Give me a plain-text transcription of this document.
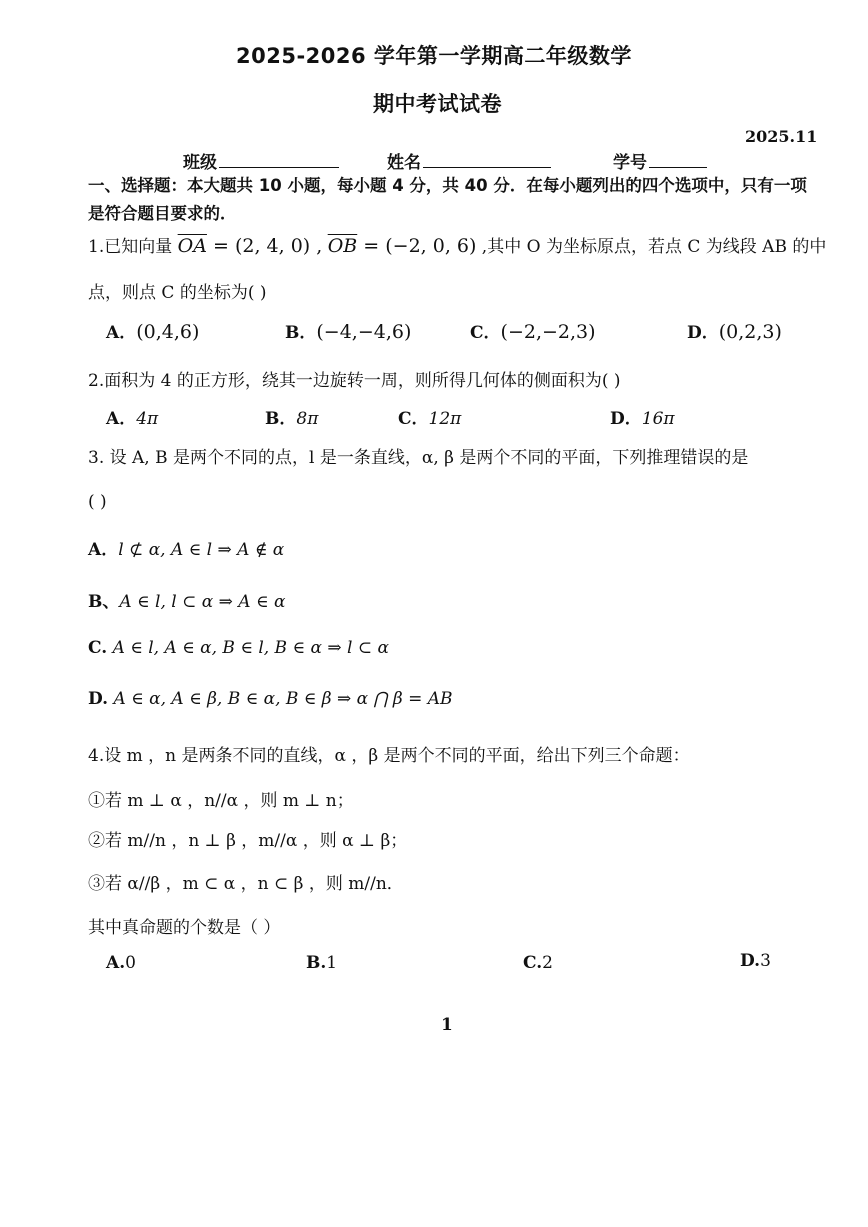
2025-2026 学年第一学期高二年级数学
期中考试试卷
2025.11
班级	姓名	学号
一、选择题：本大题共 10 小题，每小题 4 分，共 40 分．在每小题列出的四个选项中，只有一项是符合题目要求的．
1.已知向量 $\overline{OA} = (2$, 4, 0) , $\overline{OB} = (-2$, 0, 6) ,其中 O 为坐标原点，若点 C 为线段 AB 的中
点，则点 C 的坐标为( )
A．(0,4,6)	B．(−4,−4,6)	C．(−2,−2,3)	D．(0,2,3)
2.面积为 4 的正方形，绕其一边旋转一周，则所得几何体的侧面积为( )
A．4π	B．8π	C．12π	D．16π
3. 设 A, B 是两个不同的点，l 是一条直线，α, β 是两个不同的平面，下列推理错误的是
( )
A．l ⊄ α, A ∈ l ⇒ A ∉ α
B、A ∈ l, l ⊂ α ⇒ A ∈ α
C. A ∈ l, A ∈ α, B ∈ l, B ∈ α ⇒ l ⊂ α
D. A ∈ α, A ∈ β, B ∈ α, B ∈ β ⇒ α ⋂ β = AB
4.设 m ，n 是两条不同的直线，α ，β 是两个不同的平面，给出下列三个命题：
①若 m ⊥ α ，n//α ，则 m ⊥ n；
②若 m//n ，n ⊥ β ，m//α ，则 α ⊥ β；
③若 α//β ，m ⊂ α ，n ⊂ β ，则 m//n．
其中真命题的个数是（ ）
A.0	B.1	C.2	D.3
1
